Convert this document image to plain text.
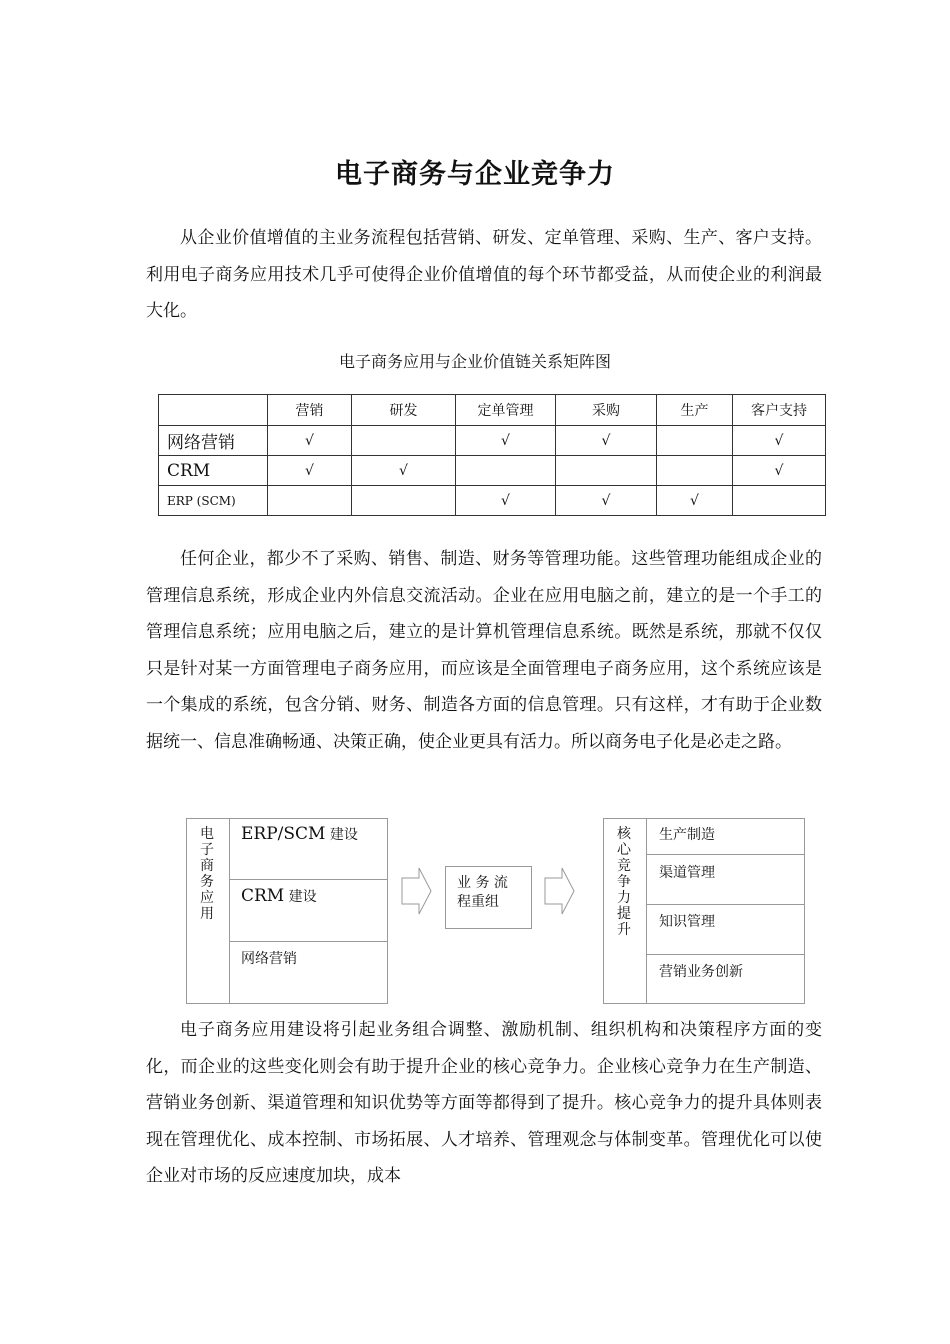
电子商务与企业竞争力

从企业价值增值的主业务流程包括营销、研发、定单管理、采购、生产、客户支持。利用电子商务应用技术几乎可使得企业价值增值的每个环节都受益，从而使企业的利润最大化。

电子商务应用与企业价值链关系矩阵图
	营销	研发	定单管理	采购	生产	客户支持
网络营销	√		√	√		√
CRM	√	√				√
ERP (SCM)			√	√	√	

任何企业，都少不了采购、销售、制造、财务等管理功能。这些管理功能组成企业的管理信息系统，形成企业内外信息交流活动。企业在应用电脑之前，建立的是一个手工的管理信息系统；应用电脑之后，建立的是计算机管理信息系统。既然是系统，那就不仅仅只是针对某一方面管理电子商务应用，而应该是全面管理电子商务应用，这个系统应该是一个集成的系统，包含分销、财务、制造各方面的信息管理。只有这样，才有助于企业数据统一、信息准确畅通、决策正确，使企业更具有活力。所以商务电子化是必走之路。

电
子
商
务
应
用
ERP/SCM 建设
CRM 建设
网络营销
业 务 流
程重组
核
心
竞
争
力
提
升
生产制造
渠道管理
知识管理
营销业务创新

电子商务应用建设将引起业务组合调整、激励机制、组织机构和决策程序方面的变化，而企业的这些变化则会有助于提升企业的核心竞争力。企业核心竞争力在生产制造、营销业务创新、渠道管理和知识优势等方面等都得到了提升。核心竞争力的提升具体则表现在管理优化、成本控制、市场拓展、人才培养、管理观念与体制变革。管理优化可以使企业对市场的反应速度加块，成本
